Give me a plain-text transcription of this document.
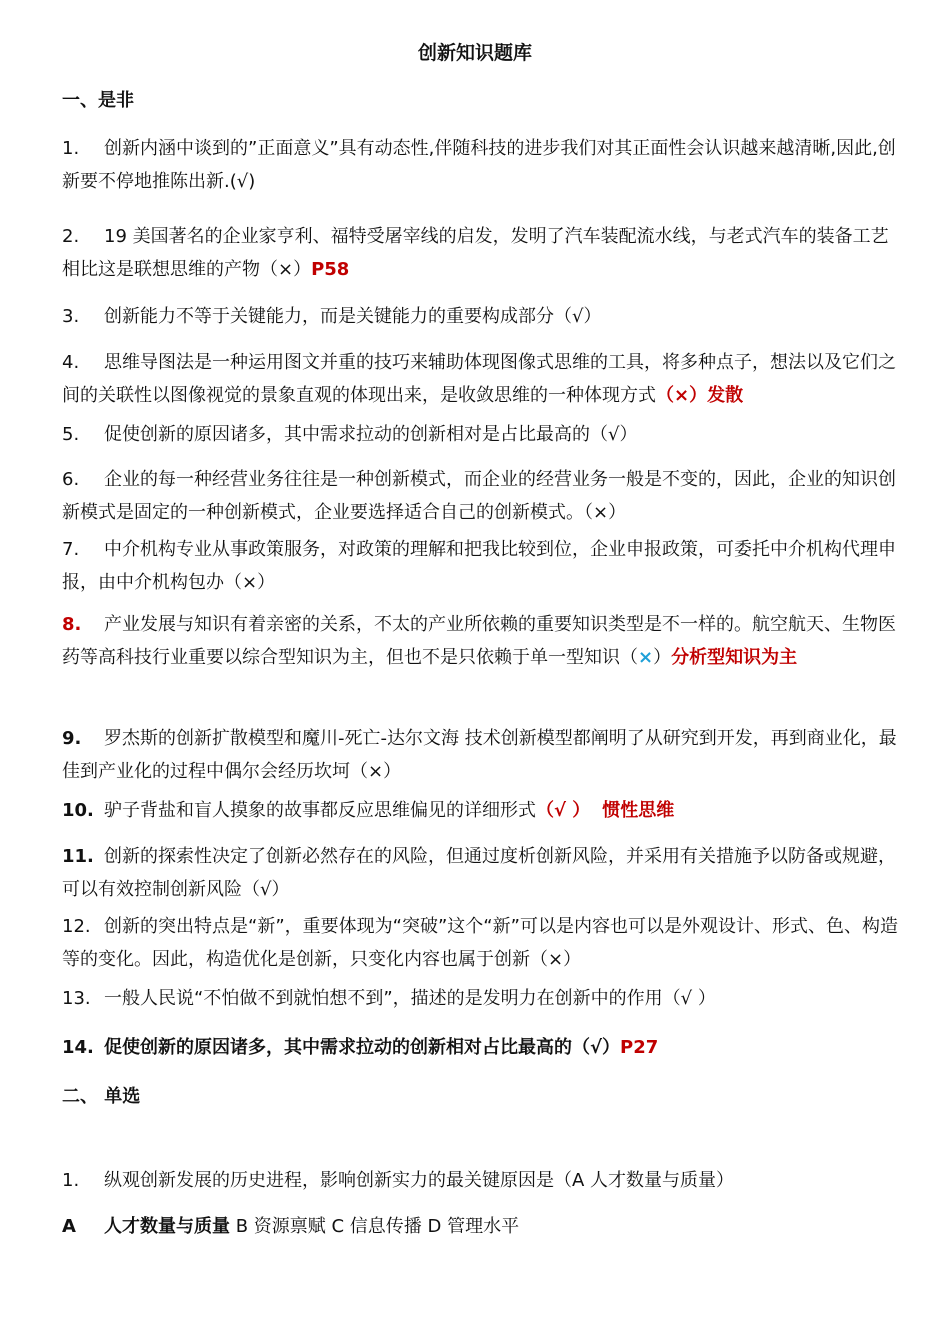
创新知识题库
一、是非
1. 创新内涵中谈到的”正面意义”具有动态性,伴随科技的进步我们对其正面性会认识越来越清晰,因此,创新要不停地推陈出新.(√)
2. 19 美国著名的企业家亨利、福特受屠宰线的启发，发明了汽车装配流水线，与老式汽车的装备工艺相比这是联想思维的产物（×）P58
3. 创新能力不等于关键能力，而是关键能力的重要构成部分（√）
4. 思维导图法是一种运用图文并重的技巧来辅助体现图像式思维的工具，将多种点子，想法以及它们之间的关联性以图像视觉的景象直观的体现出来，是收敛思维的一种体现方式（×）发散
5. 促使创新的原因诸多，其中需求拉动的创新相对是占比最高的（√）
6. 企业的每一种经营业务往往是一种创新模式，而企业的经营业务一般是不变的，因此，企业的知识创新模式是固定的一种创新模式，企业要选择适合自己的创新模式。（×）
7. 中介机构专业从事政策服务，对政策的理解和把我比较到位，企业申报政策，可委托中介机构代理申报，由中介机构包办（×）
8. 产业发展与知识有着亲密的关系，不太的产业所依赖的重要知识类型是不一样的。航空航天、生物医药等高科技行业重要以综合型知识为主，但也不是只依赖于单一型知识（×）分析型知识为主
9. 罗杰斯的创新扩散模型和魔川-死亡-达尔文海 技术创新模型都阐明了从研究到开发，再到商业化，最佳到产业化的过程中偶尔会经历坎坷（×）
10. 驴子背盐和盲人摸象的故事都反应思维偏见的详细形式（√ ） 惯性思维
11. 创新的探索性决定了创新必然存在的风险，但通过度析创新风险，并采用有关措施予以防备或规避，可以有效控制创新风险（√）
12. 创新的突出特点是“新”，重要体现为“突破”这个“新”可以是内容也可以是外观设计、形式、色、构造等的变化。因此，构造优化是创新，只变化内容也属于创新（×）
13. 一般人民说“不怕做不到就怕想不到”，描述的是发明力在创新中的作用（√ ）
14. 促使创新的原因诸多，其中需求拉动的创新相对占比最高的（√）P27
二、 单选
1. 纵观创新发展的历史进程，影响创新实力的最关键原因是（A 人才数量与质量）
A 人才数量与质量 B 资源禀赋 C 信息传播 D 管理水平
